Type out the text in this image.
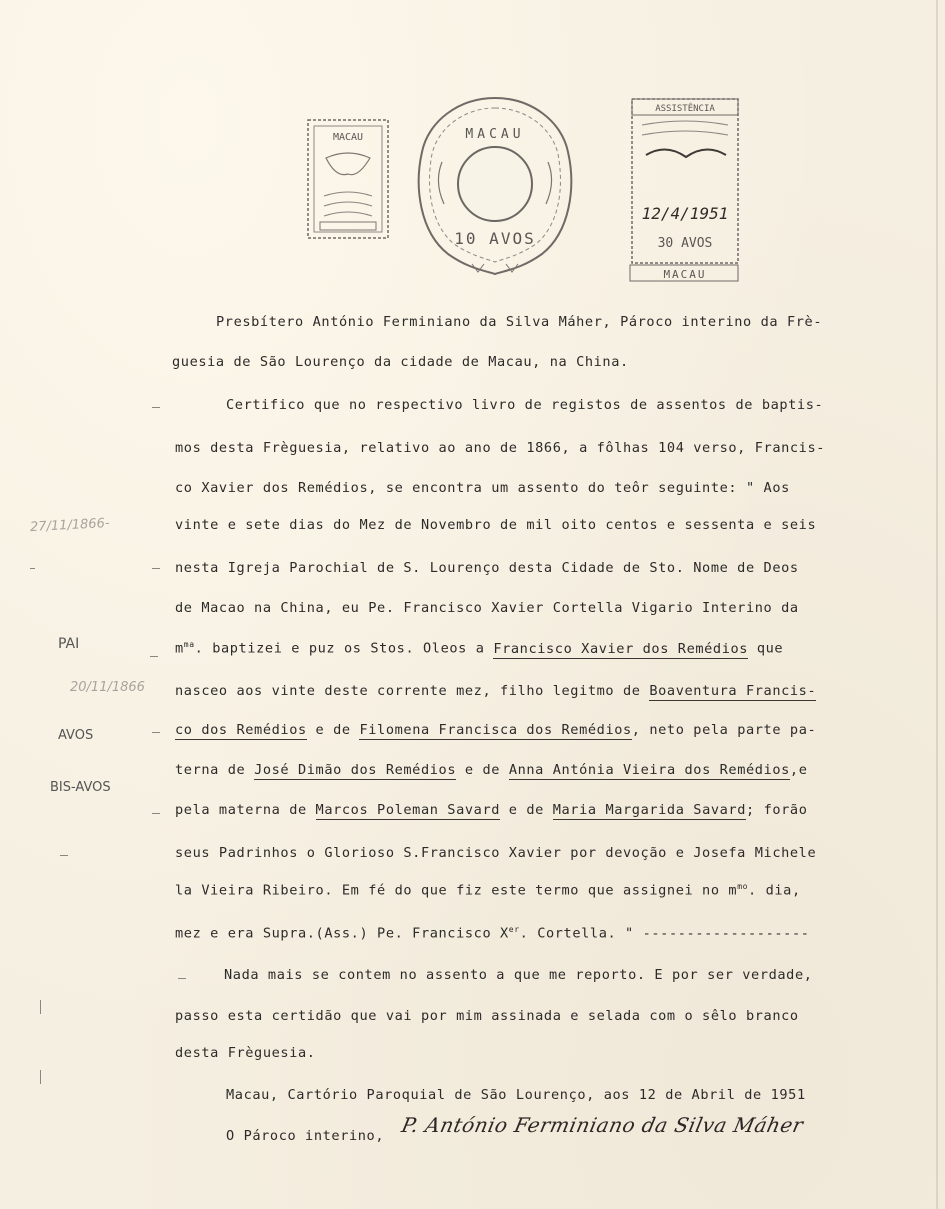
MACAU	MACAU
10 AVOS
ASSISTÊNCIA
12/4/1951
30 AVOS
MACAU
Presbítero António Ferminiano da Silva Máher, Pároco interino da Frè-
guesia de São Lourenço da cidade de Macau, na China.
Certifico que no respectivo livro de registos de assentos de baptis-
mos desta Frèguesia, relativo ao ano de 1866, a fôlhas 104 verso, Francis-
co Xavier dos Remédios, se encontra um assento do teôr seguinte: " Aos
vinte e sete dias do Mez de Novembro de mil oito centos e sessenta e seis
nesta Igreja Parochial de S. Lourenço desta Cidade de Sto. Nome de Deos
de Macao na China, eu Pe. Francisco Xavier Cortella Vigario Interino da
$m^{ma}$. baptizei e puz os Stos. Oleos a Francisco Xavier dos Remédios que
nasceo aos vinte deste corrente mez, filho legitmo de Boaventura Francis-
co dos Remédios e de Filomena Francisca dos Remédios, neto pela parte pa-
terna de José Dimão dos Remédios e de Anna Antónia Vieira dos Remédios,e
pela materna de Marcos Poleman Savard e de Maria Margarida Savard; forão
seus Padrinhos o Glorioso S.Francisco Xavier por devoção e Josefa Michele
la Vieira Ribeiro. Em fé do que fiz este termo que assignei no $m^{mo}$. dia,
mez e era Supra.(Ass.) Pe. Francisco Xer. Cortella. " -------------------
Nada mais se contem no assento a que me reporto. E por ser verdade,
passo esta certidão que vai por mim assinada e selada com o sêlo branco
desta Frèguesia.
Macau, Cartório Paroquial de São Lourenço, aos 12 de Abril de 1951
O Pároco interino, P. António Ferminiano da Silva Máher
27/11/1866-
PAI
20/11/1866
AVOS
BIS-AVOS
